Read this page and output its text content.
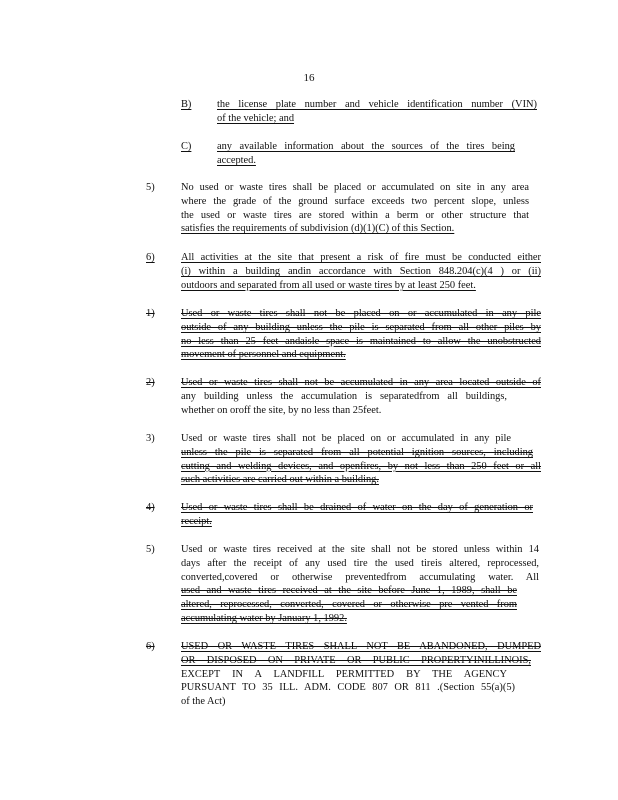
16
B) the license plate number and vehicle identification number (VIN)
of the vehicle; and
C) any available information about the sources of the tires being
accepted.
5)	No used or waste tires shall be placed or accumulated on site in any area
where the grade of the ground surface exceeds two percent slope, unless
the used or waste tires are stored within a berm or other structure that
satisfies the requirements of subdivision (d)(1)(C) of this Section.
6)	All activities at the site that present a risk of fire must be conducted either
(i) within a building andin accordance with Section 848.204(c)(4 ) or (ii)
outdoors and separated from all used or waste tires by at least 250 feet.
1)	Used or waste tires shall not be placed on or accumulated in any pile
outside of any building unless the pile is separated from all other piles by
no less than 25 feet andaisle space is maintained to allow the unobstructed
movement of personnel and equipment.
2)	Used or waste tires shall not be accumulated in any area located outside of
any building unless the accumulation is separatedfrom all buildings,
whether on oroff the site, by no less than 25feet.
3)	Used or waste tires shall not be placed on or accumulated in any pile
unless the pile is separated from all potential ignition sources, including
cutting and welding devices, and openfires, by not less than 250 feet or all
such activities are carried out within a building.
4)	Used or waste tires shall be drained of water on the day of generation or
receipt.
5)	Used or waste tires received at the site shall not be stored unless within 14
days after the receipt of any used tire the used tireis altered, reprocessed,
converted,covered or otherwise preventedfrom accumulating water. All
used and waste tires received at the site before June 1, 1989, shall be
altered, reprocessed, converted, covered or otherwise pre vented from
accumulating water by January 1, 1992.
6)	USED OR WASTE TIRES SHALL NOT BE ABANDONED, DUMPED
OR DISPOSED ON PRIVATE OR PUBLIC PROPERTYINILLINOIS,
EXCEPT IN A LANDFILL PERMITTED BY THE AGENCY
PURSUANT TO 35 ILL. ADM. CODE 807 OR 811 .(Section 55(a)(5)
of the Act)
